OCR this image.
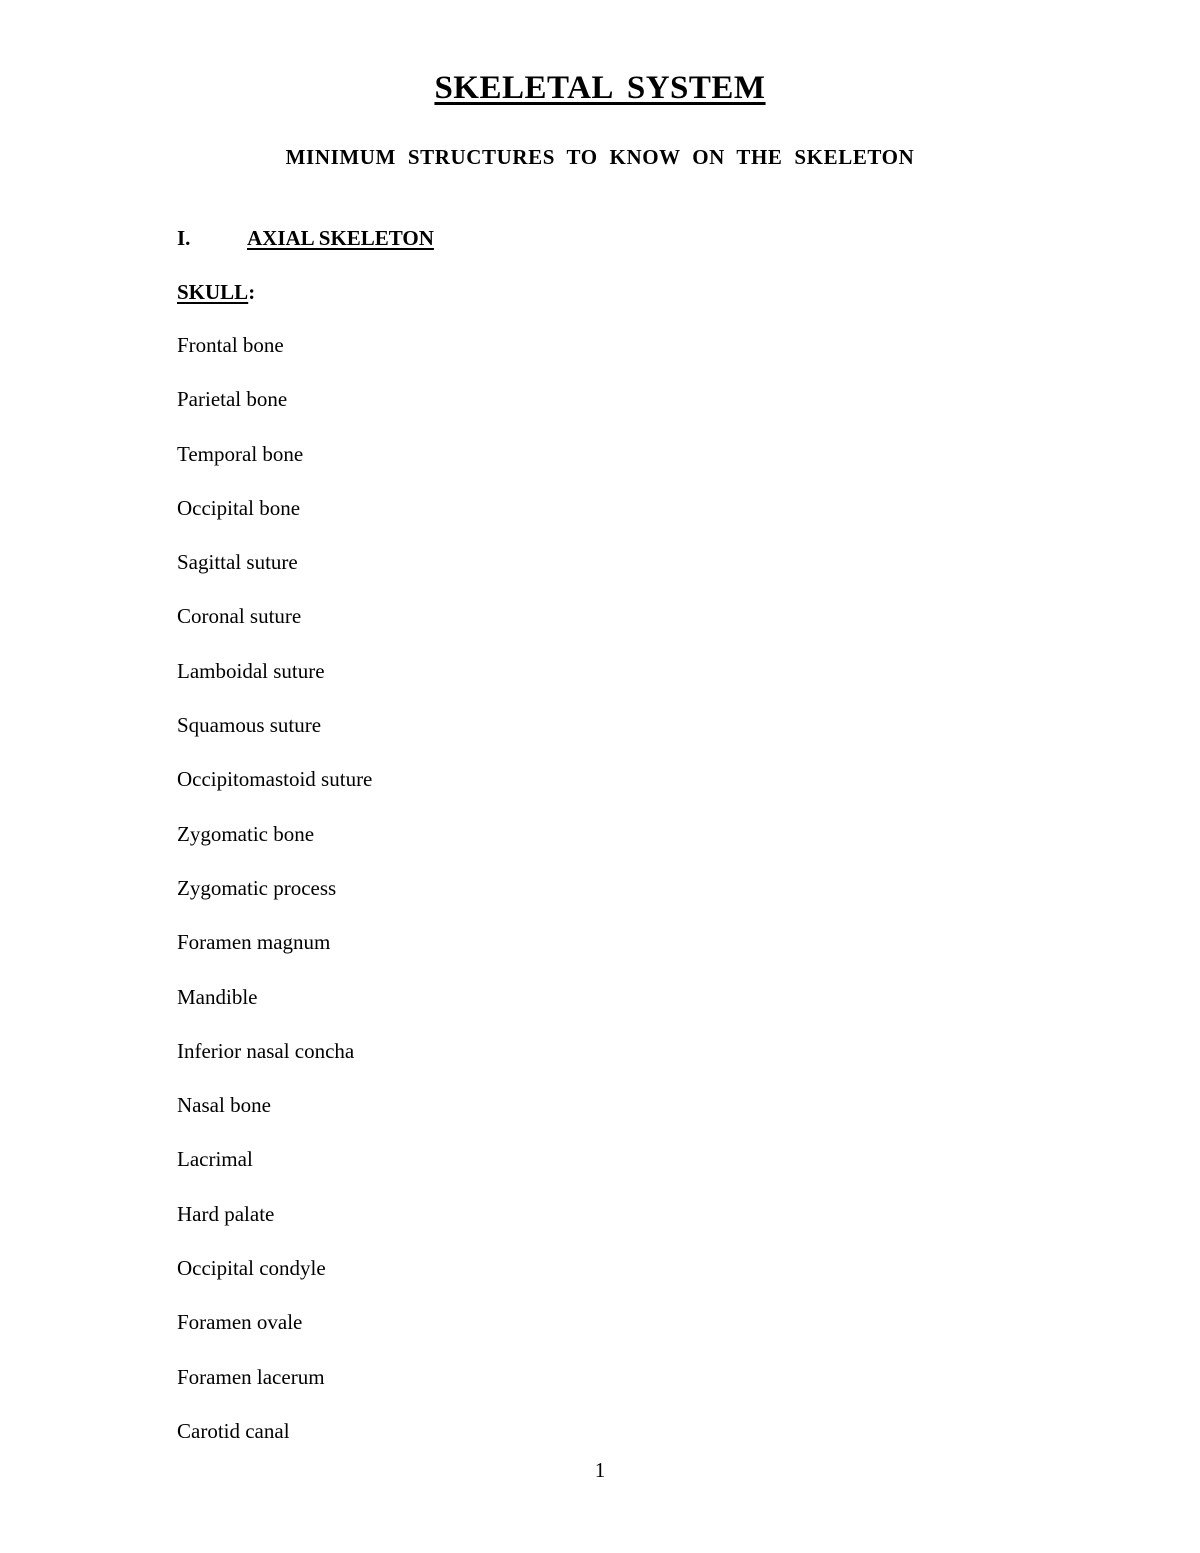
SKELETAL SYSTEM
MINIMUM STRUCTURES TO KNOW ON THE SKELETON
I.	AXIAL SKELETON
SKULL:
Frontal bone
Parietal bone
Temporal bone
Occipital bone
Sagittal suture
Coronal suture
Lamboidal suture
Squamous suture
Occipitomastoid suture
Zygomatic bone
Zygomatic process
Foramen magnum
Mandible
Inferior nasal concha
Nasal bone
Lacrimal
Hard palate
Occipital condyle
Foramen ovale
Foramen lacerum
Carotid canal
1
